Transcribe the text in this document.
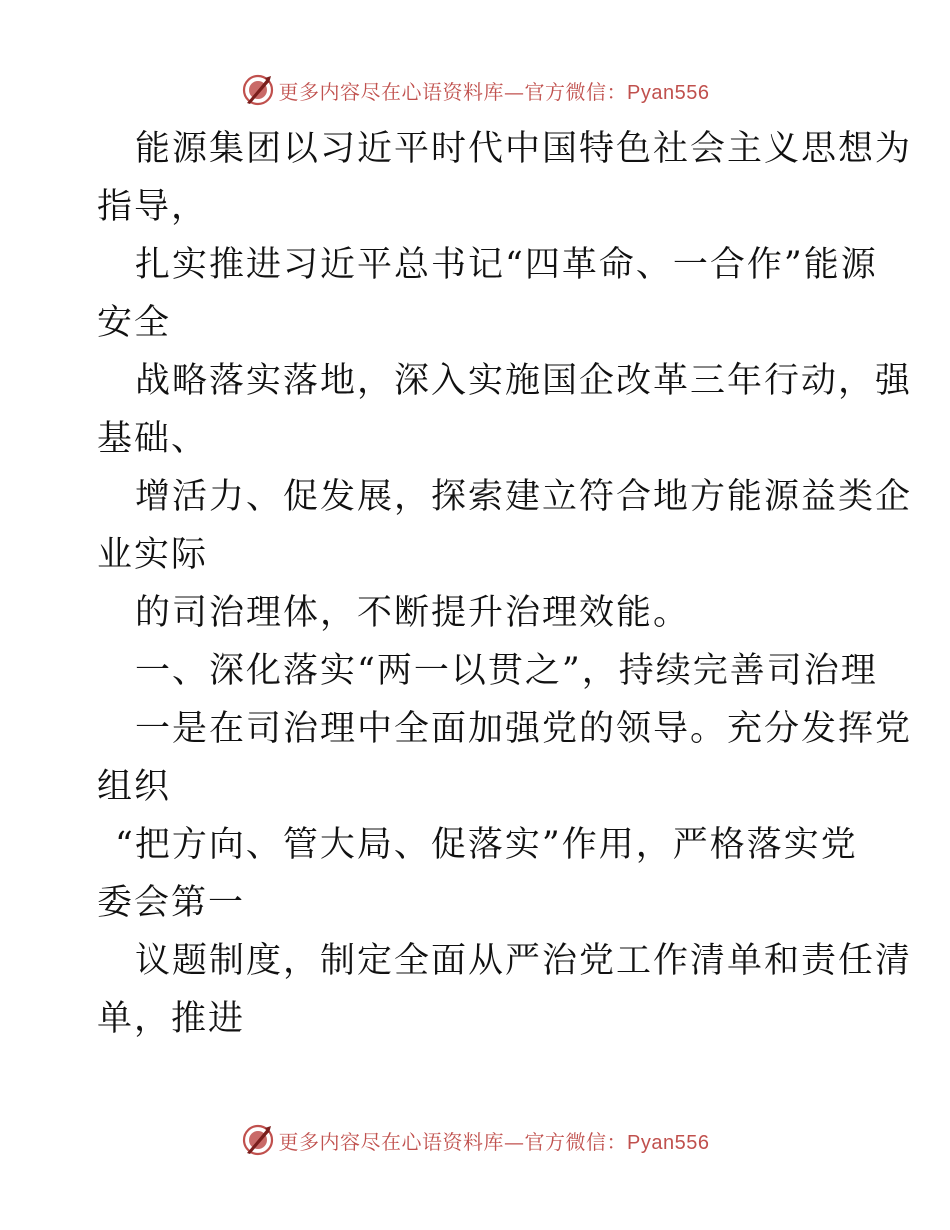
更多内容尽在心语资料库—官方微信：Pyan556
能源集团以习近平时代中国特色社会主义思想为
指导，
扎实推进习近平总书记“四革命、一合作”能源
安全
战略落实落地，深入实施国企改革三年行动，强
基础、
增活力、促发展，探索建立符合地方能源益类企
业实际
的司治理体，不断提升治理效能。
一、深化落实“两一以贯之”，持续完善司治理
一是在司治理中全面加强党的领导。充分发挥党
组织
“把方向、管大局、促落实”作用，严格落实党
委会第一
议题制度，制定全面从严治党工作清单和责任清
单，推进
更多内容尽在心语资料库—官方微信：Pyan556
